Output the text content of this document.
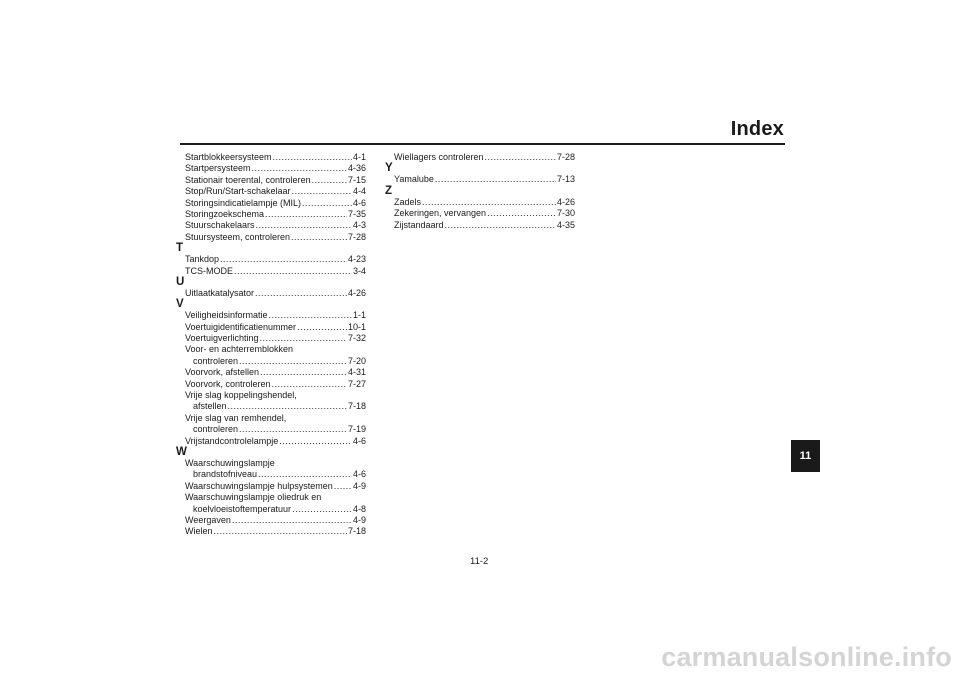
Index
Startblokkeersysteem .....	4-1
Startpersysteem .....	4-36
Stationair toerental, controleren .....	7-15
Stop/Run/Start-schakelaar .....	4-4
Storingsindicatielampje (MIL) .....	4-6
Storingzoekschema .....	7-35
Stuurschakelaars .....	4-3
Stuursysteem, controleren .....	7-28
T
Tankdop .....	4-23
TCS-MODE .....	3-4
U
Uitlaatkatalysator .....	4-26
V
Veiligheidsinformatie .....	1-1
Voertuigidentificatienummer .....	10-1
Voertuigverlichting .....	7-32
Voor- en achterremblokken
controleren .....	7-20
Voorvork, afstellen .....	4-31
Voorvork, controleren .....	7-27
Vrije slag koppelingshendel,
afstellen .....	7-18
Vrije slag van remhendel,
controleren .....	7-19
Vrijstandcontrolelampje .....	4-6
W
Waarschuwingslampje
brandstofniveau .....	4-6
Waarschuwingslampje hulpsystemen ..... 4-9
Waarschuwingslampje oliedruk en
koelvloeistoftemperatuur .....	4-8
Weergaven .....	4-9
Wielen .....	7-18
Wiellagers controleren .....	7-28
Y
Yamalube .....	7-13
Z
Zadels .....	4-26
Zekeringen, vervangen .....	7-30
Zijstandaard .....	4-35
11
11-2
carmanualsonline.info
